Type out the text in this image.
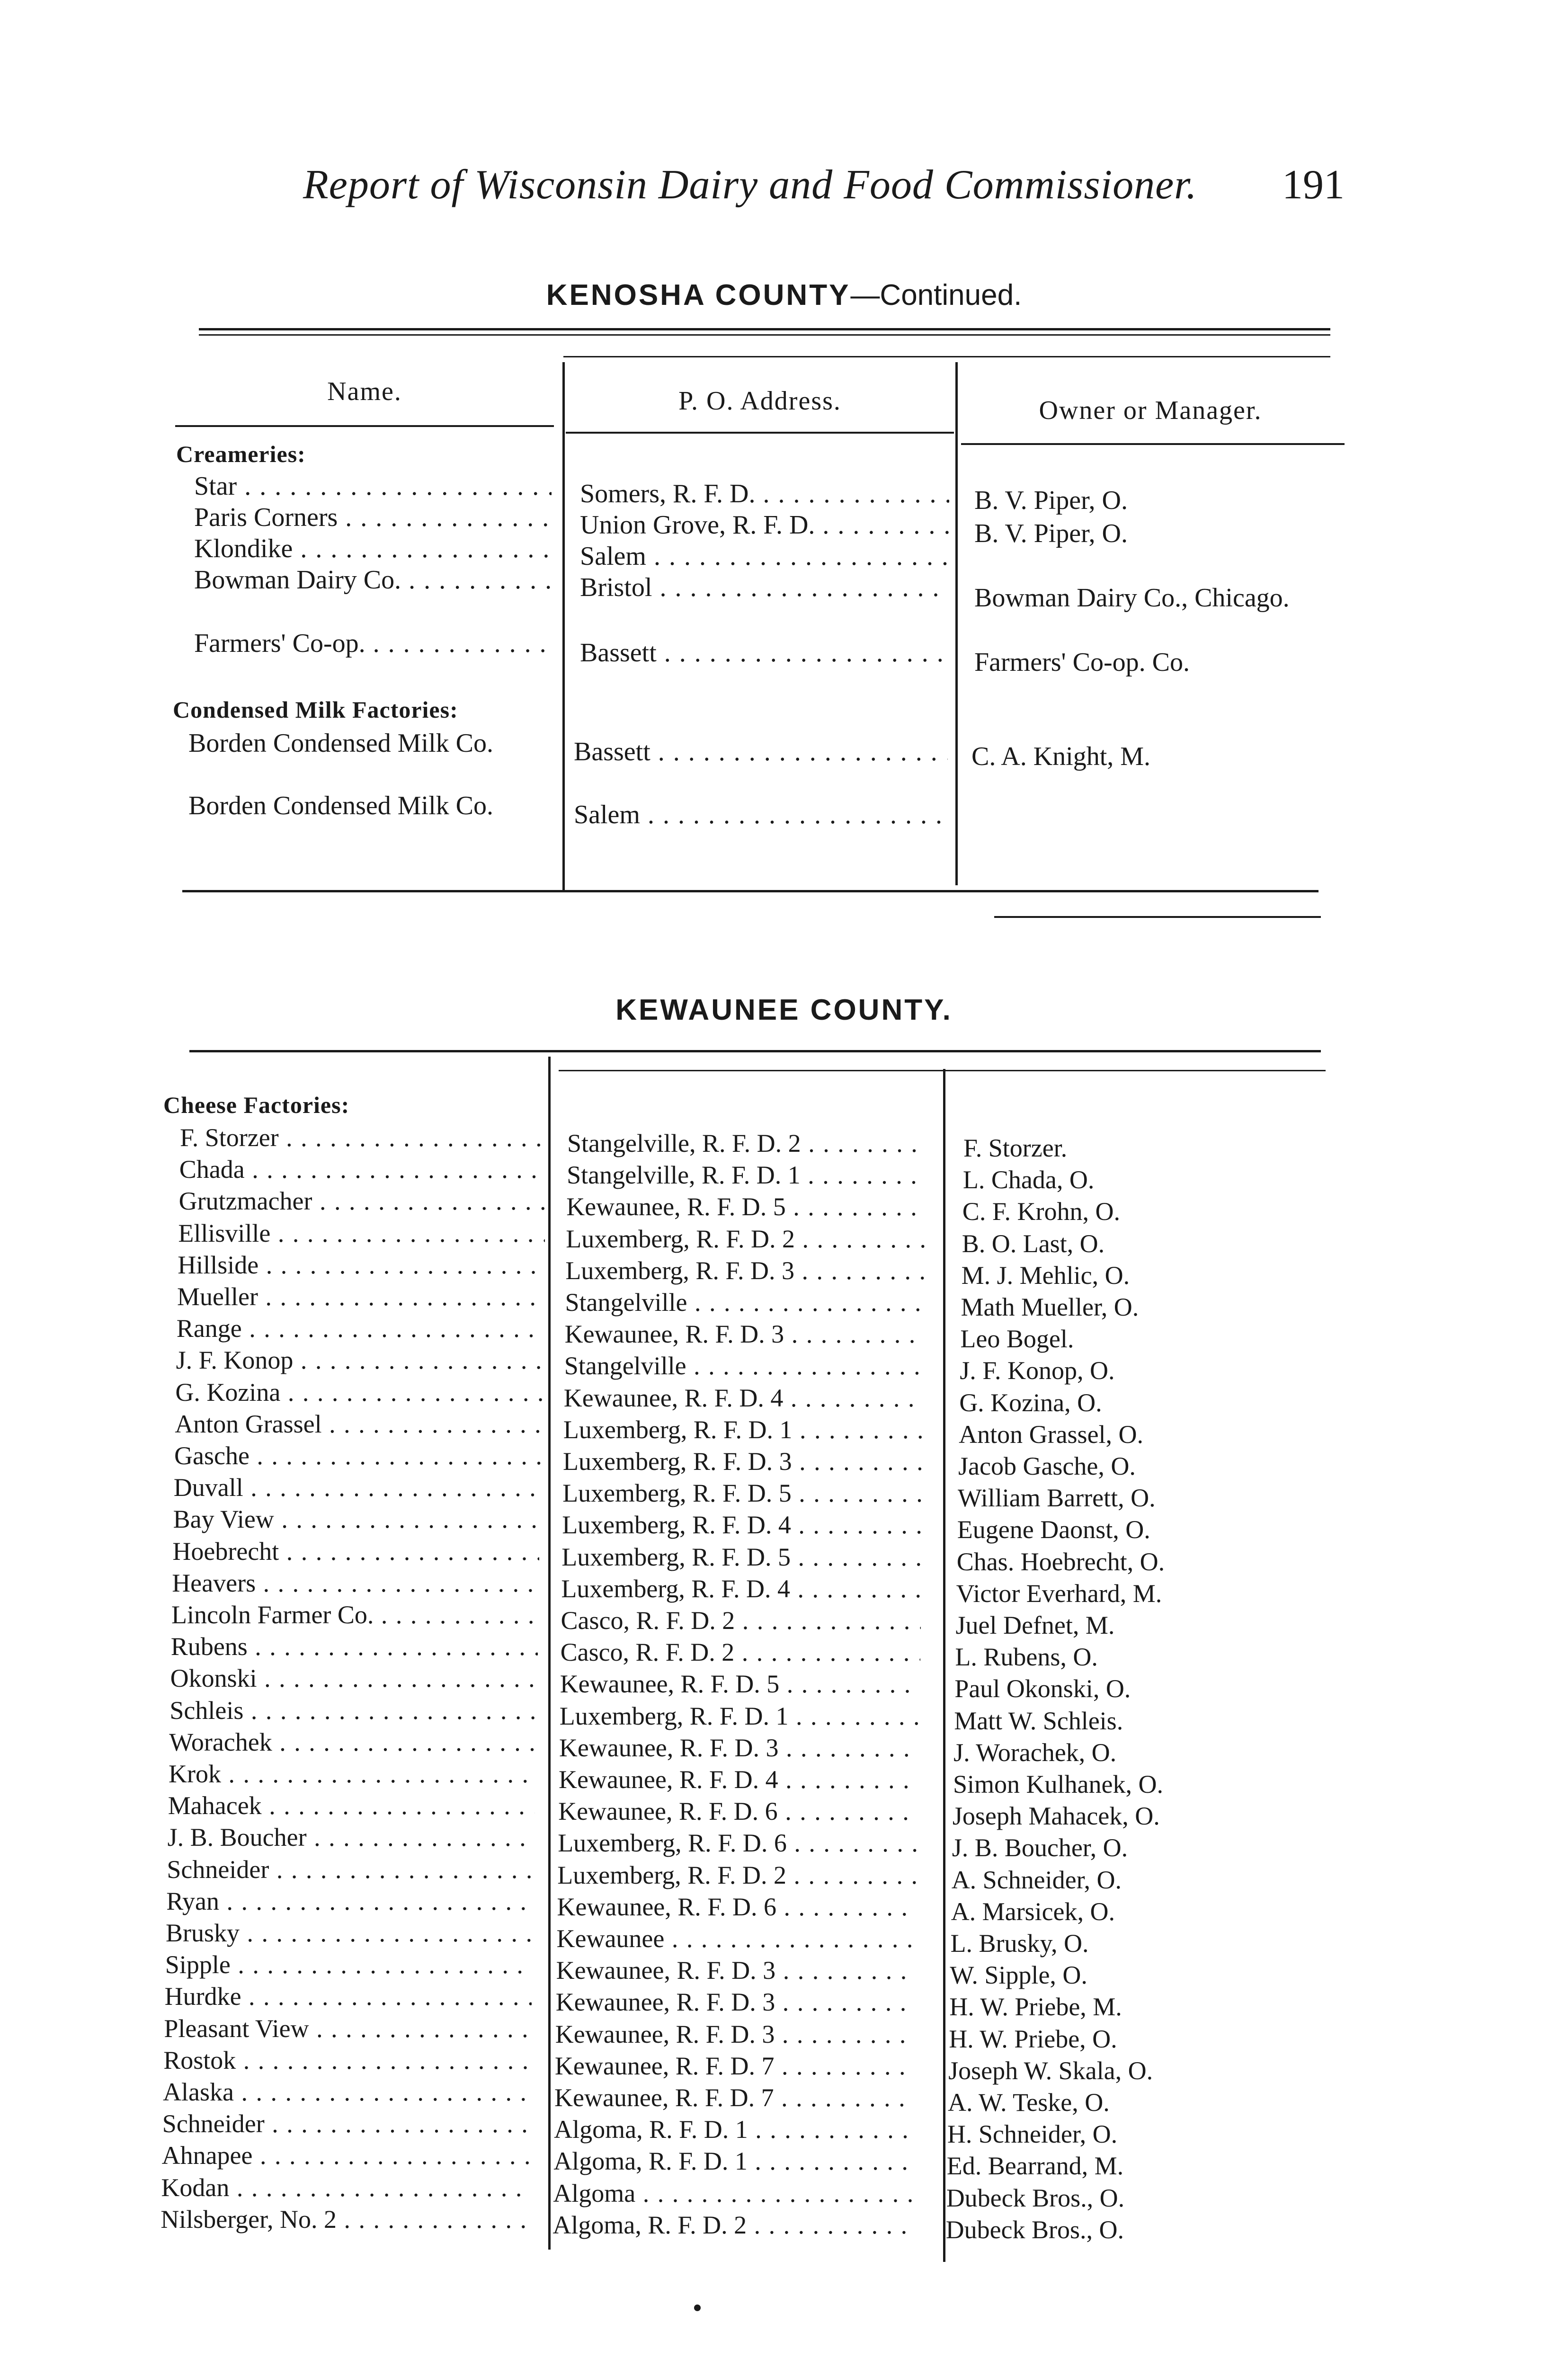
Report of Wisconsin Dairy and Food Commissioner. 191
KENOSHA COUNTY—Continued.
Name.	P. O. Address.	Owner or Manager.
Creameries:
Star . . .	Somers, R. F. D. . . .	B. V. Piper, O.
Paris Corners . . .	Union Grove, R. F. D. . . .	B. V. Piper, O.
Klondike . . .	Salem . . .
Bowman Dairy Co. . . .	Bristol . . .	Bowman Dairy Co., Chicago.
Farmers' Co-op. . . .	Bassett . . .	Farmers' Co-op. Co.
Condensed Milk Factories:
Borden Condensed Milk Co.	Bassett . . .	C. A. Knight, M.
Borden Condensed Milk Co.	Salem . . .
KEWAUNEE COUNTY.
Cheese Factories:
F. Storzer . . .	Stangelville, R. F. D. 2 . . .	F. Storzer.
Chada . . .	Stangelville, R. F. D. 1 . . .	L. Chada, O.
Grutzmacher . . .	Kewaunee, R. F. D. 5 . . .	C. F. Krohn, O.
Ellisville . . .	Luxemberg, R. F. D. 2 . . .	B. O. Last, O.
Hillside . . .	Luxemberg, R. F. D. 3 . . .	M. J. Mehlic, O.
Mueller . . .	Stangelville . . .	Math Mueller, O.
Range . . .	Kewaunee, R. F. D. 3 . . .	Leo Bogel.
J. F. Konop . . .	Stangelville . . .	J. F. Konop, O.
G. Kozina . . .	Kewaunee, R. F. D. 4 . . .	G. Kozina, O.
Anton Grassel . . .	Luxemberg, R. F. D. 1 . . .	Anton Grassel, O.
Gasche . . .	Luxemberg, R. F. D. 3 . . .	Jacob Gasche, O.
Duvall . . .	Luxemberg, R. F. D. 5 . . .	William Barrett, O.
Bay View . . .	Luxemberg, R. F. D. 4 . . .	Eugene Daonst, O.
Hoebrecht . . .	Luxemberg, R. F. D. 5 . . .	Chas. Hoebrecht, O.
Heavers . . .	Luxemberg, R. F. D. 4 . . .	Victor Everhard, M.
Lincoln Farmer Co. . . .	Casco, R. F. D. 2 . . .	Juel Defnet, M.
Rubens . . .	Casco, R. F. D. 2 . . .	L. Rubens, O.
Okonski . . .	Kewaunee, R. F. D. 5 . . .	Paul Okonski, O.
Schleis . . .	Luxemberg, R. F. D. 1 . . .	Matt W. Schleis.
Worachek . . .	Kewaunee, R. F. D. 3 . . .	J. Worachek, O.
Krok . . .	Kewaunee, R. F. D. 4 . . .	Simon Kulhanek, O.
Mahacek . . .	Kewaunee, R. F. D. 6 . . .	Joseph Mahacek, O.
J. B. Boucher . . .	Luxemberg, R. F. D. 6 . . .	J. B. Boucher, O.
Schneider . . .	Luxemberg, R. F. D. 2 . . .	A. Schneider, O.
Ryan . . .	Kewaunee, R. F. D. 6 . . .	A. Marsicek, O.
Brusky . . .	Kewaunee . . .	L. Brusky, O.
Sipple . . .	Kewaunee, R. F. D. 3 . . .	W. Sipple, O.
Hurdke . . .	Kewaunee, R. F. D. 3 . . .	H. W. Priebe, M.
Pleasant View . . .	Kewaunee, R. F. D. 3 . . .	H. W. Priebe, O.
Rostok . . .	Kewaunee, R. F. D. 7 . . .	Joseph W. Skala, O.
Alaska . . .	Kewaunee, R. F. D. 7 . . .	A. W. Teske, O.
Schneider . . .	Algoma, R. F. D. 1 . . .	H. Schneider, O.
Ahnapee . . .	Algoma, R. F. D. 1 . . .	Ed. Bearrand, M.
Kodan . . .	Algoma . . .	Dubeck Bros., O.
Nilsberger, No. 2 . . .	Algoma, R. F. D. 2 . . .	Dubeck Bros., O.
